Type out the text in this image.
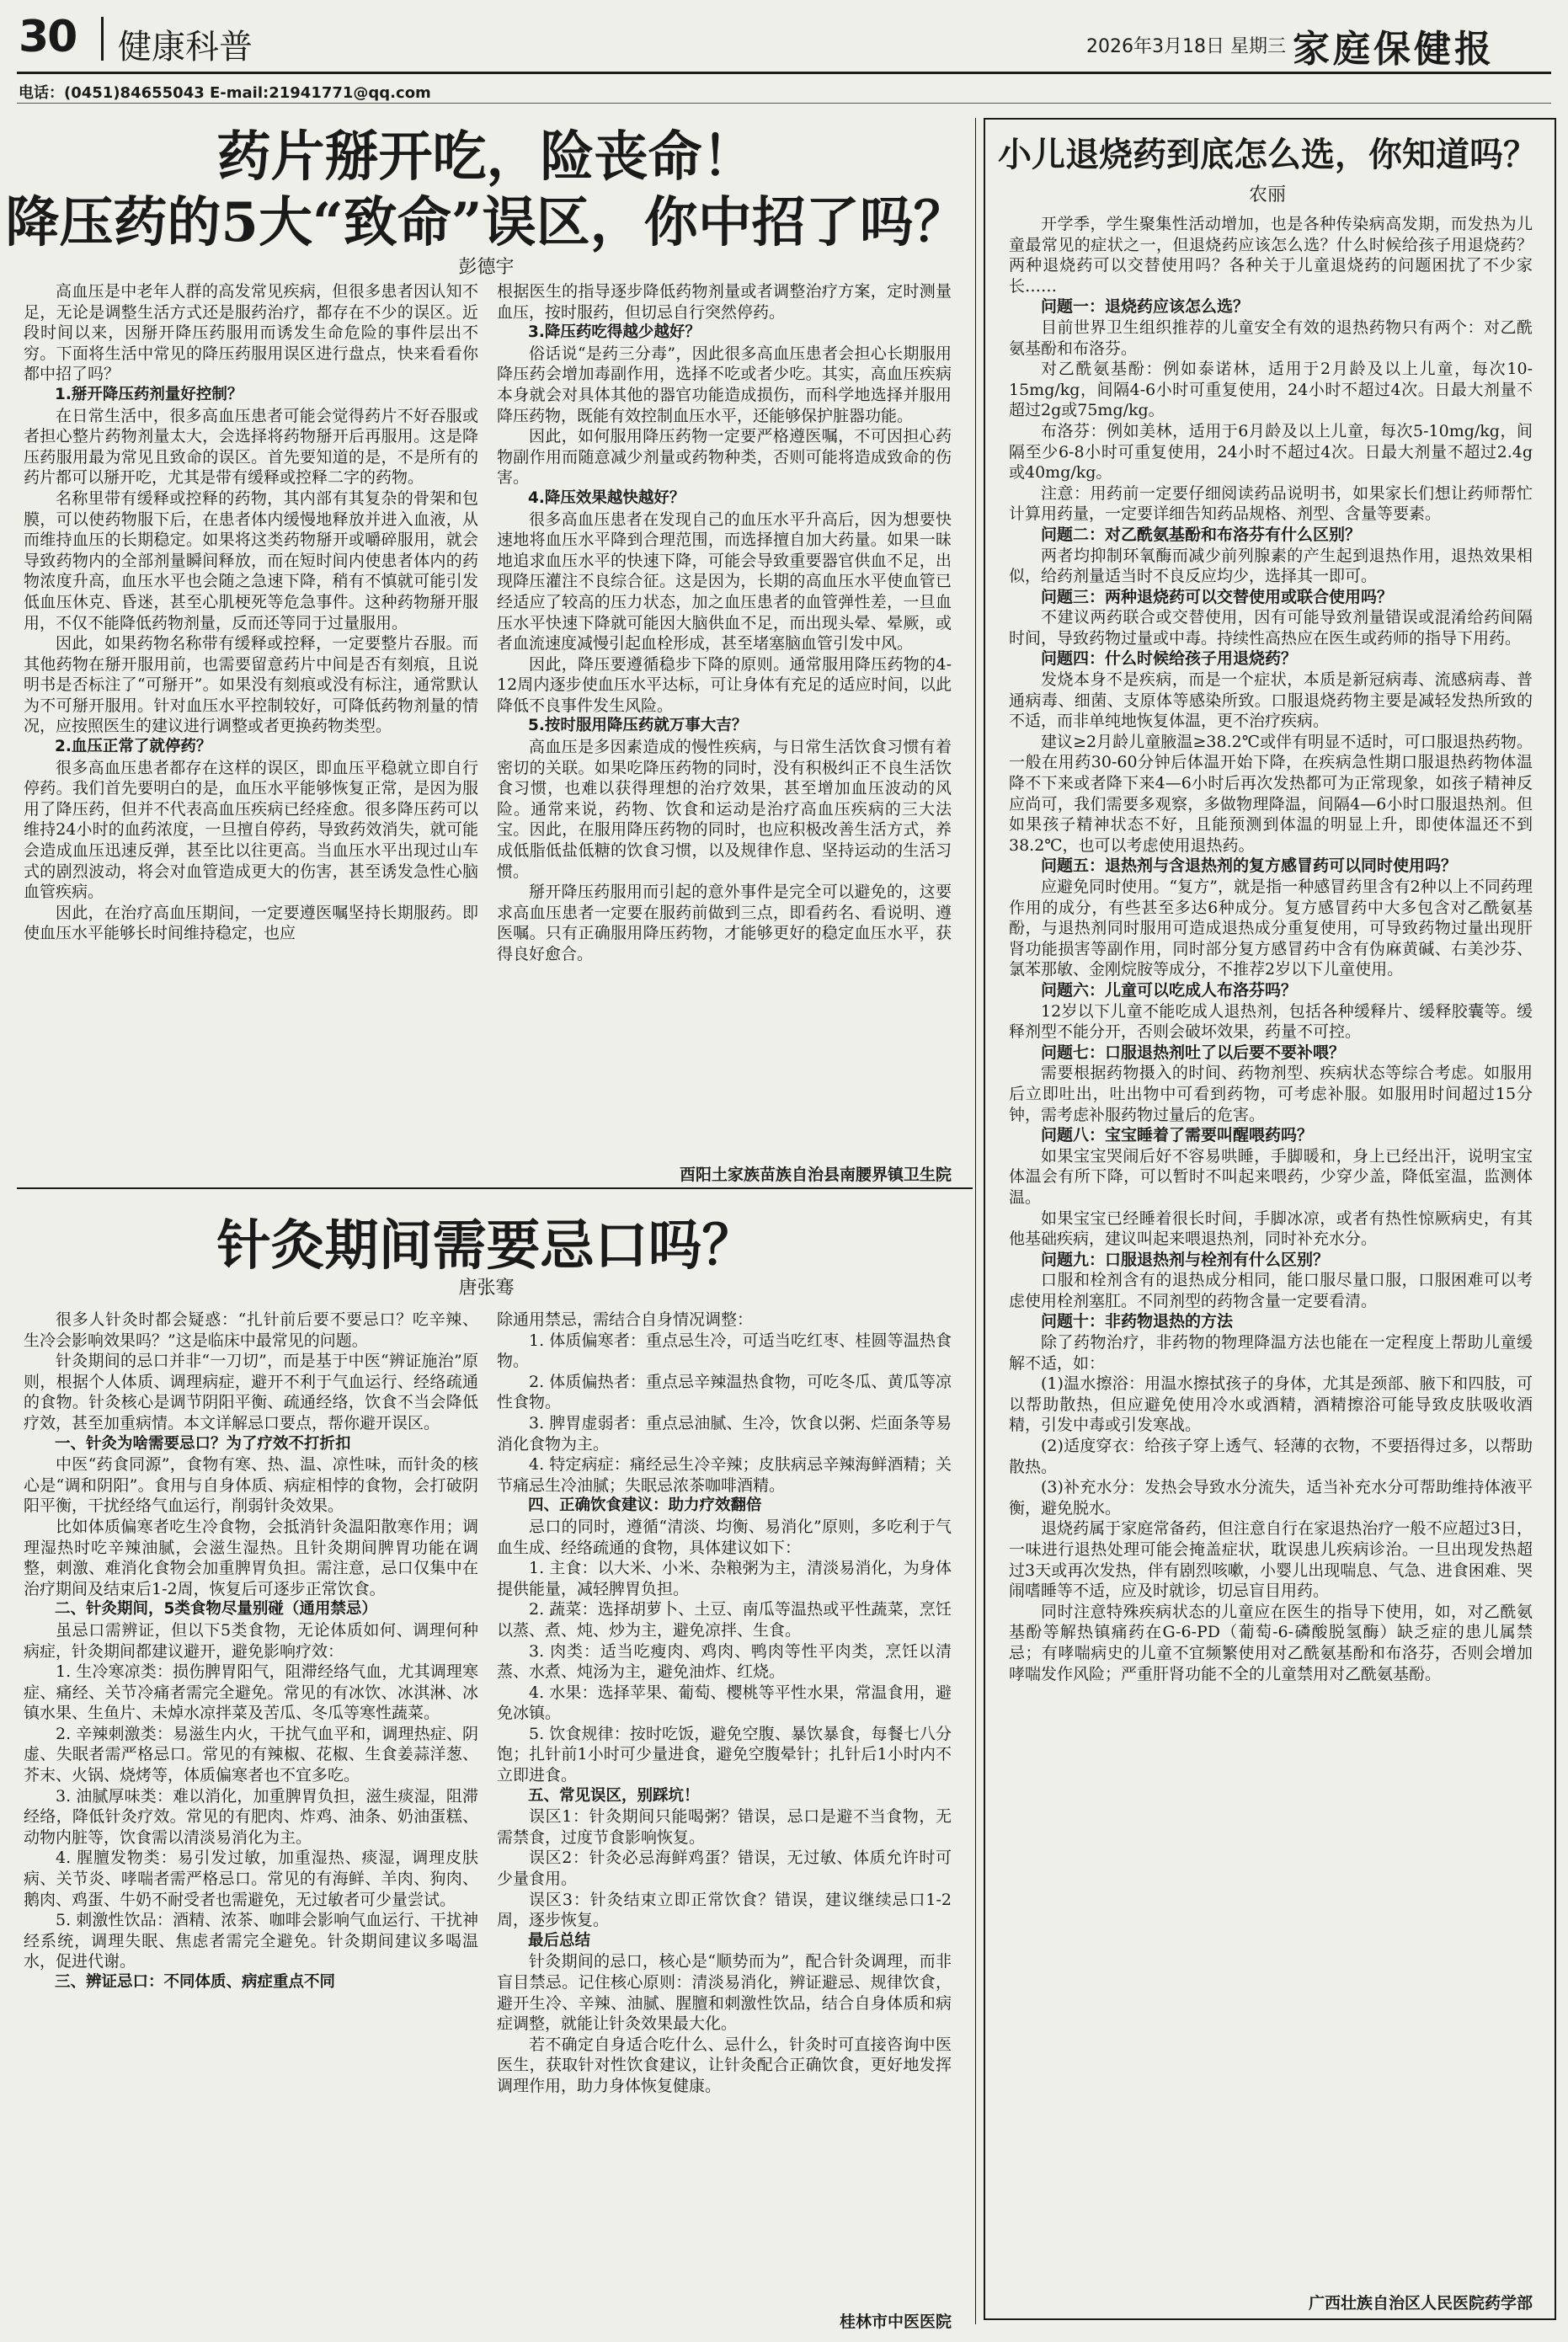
30 健康科普	2026年3月18日 星期三 家庭保健报
电话：(0451)84655043 E-mail:21941771@qq.com
药片掰开吃，险丧命！
降压药的5大“致命”误区，你中招了吗？
彭德宇

高血压是中老年人群的高发常见疾病，但很多患者因认知不足，无论是调整生活方式还是服药治疗，都存在不少的误区。近段时间以来，因掰开降压药服用而诱发生命危险的事件层出不穷。下面将生活中常见的降压药服用误区进行盘点，快来看看你都中招了吗？

1.掰开降压药剂量好控制？

在日常生活中，很多高血压患者可能会觉得药片不好吞服或者担心整片药物剂量太大，会选择将药物掰开后再服用。这是降压药服用最为常见且致命的误区。首先要知道的是，不是所有的药片都可以掰开吃，尤其是带有缓释或控释二字的药物。

名称里带有缓释或控释的药物，其内部有其复杂的骨架和包膜，可以使药物服下后，在患者体内缓慢地释放并进入血液，从而维持血压的长期稳定。如果将这类药物掰开或嚼碎服用，就会导致药物内的全部剂量瞬间释放，而在短时间内使患者体内的药物浓度升高，血压水平也会随之急速下降，稍有不慎就可能引发低血压休克、昏迷，甚至心肌梗死等危急事件。这种药物掰开服用，不仅不能降低药物剂量，反而还等同于过量服用。

因此，如果药物名称带有缓释或控释，一定要整片吞服。而其他药物在掰开服用前，也需要留意药片中间是否有刻痕，且说明书是否标注了“可掰开”。如果没有刻痕或没有标注，通常默认为不可掰开服用。针对血压水平控制较好，可降低药物剂量的情况，应按照医生的建议进行调整或者更换药物类型。

2.血压正常了就停药？

很多高血压患者都存在这样的误区，即血压平稳就立即自行停药。我们首先要明白的是，血压水平能够恢复正常，是因为服用了降压药，但并不代表高血压疾病已经痊愈。很多降压药可以维持24小时的血药浓度，一旦擅自停药，导致药效消失，就可能会造成血压迅速反弹，甚至比以往更高。当血压水平出现过山车式的剧烈波动，将会对血管造成更大的伤害，甚至诱发急性心脑血管疾病。

因此，在治疗高血压期间，一定要遵医嘱坚持长期服药。即使血压水平能够长时间维持稳定，也应

根据医生的指导逐步降低药物剂量或者调整治疗方案，定时测量血压，按时服药，但切忌自行突然停药。

3.降压药吃得越少越好？

俗话说“是药三分毒”，因此很多高血压患者会担心长期服用降压药会增加毒副作用，选择不吃或者少吃。其实，高血压疾病本身就会对具体其他的器官功能造成损伤，而科学地选择并服用降压药物，既能有效控制血压水平，还能够保护脏器功能。

因此，如何服用降压药物一定要严格遵医嘱，不可因担心药物副作用而随意减少剂量或药物种类，否则可能将造成致命的伤害。

4.降压效果越快越好？

很多高血压患者在发现自己的血压水平升高后，因为想要快速地将血压水平降到合理范围，而选择擅自加大药量。如果一昧地追求血压水平的快速下降，可能会导致重要器官供血不足，出现降压灌注不良综合征。这是因为，长期的高血压水平使血管已经适应了较高的压力状态，加之血压患者的血管弹性差，一旦血压水平快速下降就可能因大脑供血不足，而出现头晕、晕厥，或者血流速度减慢引起血栓形成，甚至堵塞脑血管引发中风。

因此，降压要遵循稳步下降的原则。通常服用降压药物的4-12周内逐步使血压水平达标，可让身体有充足的适应时间，以此降低不良事件发生风险。

5.按时服用降压药就万事大吉？

高血压是多因素造成的慢性疾病，与日常生活饮食习惯有着密切的关联。如果吃降压药物的同时，没有积极纠正不良生活饮食习惯，也难以获得理想的治疗效果，甚至增加血压波动的风险。通常来说，药物、饮食和运动是治疗高血压疾病的三大法宝。因此，在服用降压药物的同时，也应积极改善生活方式，养成低脂低盐低糖的饮食习惯，以及规律作息、坚持运动的生活习惯。

掰开降压药服用而引起的意外事件是完全可以避免的，这要求高血压患者一定要在服药前做到三点，即看药名、看说明、遵医嘱。只有正确服用降压药物，才能够更好的稳定血压水平，获得良好愈合。

酉阳土家族苗族自治县南腰界镇卫生院
针灸期间需要忌口吗？
唐张骞

很多人针灸时都会疑惑：“扎针前后要不要忌口？吃辛辣、生冷会影响效果吗？”这是临床中最常见的问题。

针灸期间的忌口并非“一刀切”，而是基于中医“辨证施治”原则，根据个人体质、调理病症，避开不利于气血运行、经络疏通的食物。针灸核心是调节阴阳平衡、疏通经络，饮食不当会降低疗效，甚至加重病情。本文详解忌口要点，帮你避开误区。

一、针灸为啥需要忌口？为了疗效不打折扣

中医“药食同源”，食物有寒、热、温、凉性味，而针灸的核心是“调和阴阳”。食用与自身体质、病症相悖的食物，会打破阴阳平衡，干扰经络气血运行，削弱针灸效果。

比如体质偏寒者吃生冷食物，会抵消针灸温阳散寒作用；调理湿热时吃辛辣油腻，会滋生湿热。且针灸期间脾胃功能在调整，刺激、难消化食物会加重脾胃负担。需注意，忌口仅集中在治疗期间及结束后1-2周，恢复后可逐步正常饮食。

二、针灸期间，5类食物尽量别碰（通用禁忌）

虽忌口需辨证，但以下5类食物，无论体质如何、调理何种病症，针灸期间都建议避开，避免影响疗效：

1. 生冷寒凉类：损伤脾胃阳气，阻滞经络气血，尤其调理寒症、痛经、关节冷痛者需完全避免。常见的有冰饮、冰淇淋、冰镇水果、生鱼片、未焯水凉拌菜及苦瓜、冬瓜等寒性蔬菜。

2. 辛辣刺激类：易滋生内火，干扰气血平和，调理热症、阴虚、失眠者需严格忌口。常见的有辣椒、花椒、生食姜蒜洋葱、芥末、火锅、烧烤等，体质偏寒者也不宜多吃。

3. 油腻厚味类：难以消化，加重脾胃负担，滋生痰湿，阻滞经络，降低针灸疗效。常见的有肥肉、炸鸡、油条、奶油蛋糕、动物内脏等，饮食需以清淡易消化为主。

4. 腥膻发物类：易引发过敏，加重湿热、痰湿，调理皮肤病、关节炎、哮喘者需严格忌口。常见的有海鲜、羊肉、狗肉、鹅肉、鸡蛋、牛奶不耐受者也需避免，无过敏者可少量尝试。

5. 刺激性饮品：酒精、浓茶、咖啡会影响气血运行、干扰神经系统，调理失眠、焦虑者需完全避免。针灸期间建议多喝温水，促进代谢。

三、辨证忌口：不同体质、病症重点不同

除通用禁忌，需结合自身情况调整：

1. 体质偏寒者：重点忌生冷，可适当吃红枣、桂圆等温热食物。

2. 体质偏热者：重点忌辛辣温热食物，可吃冬瓜、黄瓜等凉性食物。

3. 脾胃虚弱者：重点忌油腻、生冷，饮食以粥、烂面条等易消化食物为主。

4. 特定病症：痛经忌生冷辛辣；皮肤病忌辛辣海鲜酒精；关节痛忌生冷油腻；失眠忌浓茶咖啡酒精。

四、正确饮食建议：助力疗效翻倍

忌口的同时，遵循“清淡、均衡、易消化”原则，多吃利于气血生成、经络疏通的食物，具体建议如下：

1. 主食：以大米、小米、杂粮粥为主，清淡易消化，为身体提供能量，减轻脾胃负担。

2. 蔬菜：选择胡萝卜、土豆、南瓜等温热或平性蔬菜，烹饪以蒸、煮、炖、炒为主，避免凉拌、生食。

3. 肉类：适当吃瘦肉、鸡肉、鸭肉等性平肉类，烹饪以清蒸、水煮、炖汤为主，避免油炸、红烧。

4. 水果：选择苹果、葡萄、樱桃等平性水果，常温食用，避免冰镇。

5. 饮食规律：按时吃饭，避免空腹、暴饮暴食，每餐七八分饱；扎针前1小时可少量进食，避免空腹晕针；扎针后1小时内不立即进食。

五、常见误区，别踩坑！

误区1：针灸期间只能喝粥？错误，忌口是避不当食物，无需禁食，过度节食影响恢复。

误区2：针灸必忌海鲜鸡蛋？错误，无过敏、体质允许时可少量食用。

误区3：针灸结束立即正常饮食？错误，建议继续忌口1-2周，逐步恢复。

最后总结

针灸期间的忌口，核心是“顺势而为”，配合针灸调理，而非盲目禁忌。记住核心原则：清淡易消化，辨证避忌、规律饮食，避开生冷、辛辣、油腻、腥膻和刺激性饮品，结合自身体质和病症调整，就能让针灸效果最大化。

若不确定自身适合吃什么、忌什么，针灸时可直接咨询中医医生，获取针对性饮食建议，让针灸配合正确饮食，更好地发挥调理作用，助力身体恢复健康。

桂林市中医医院
小儿退烧药到底怎么选，你知道吗？
农丽

开学季，学生聚集性活动增加，也是各种传染病高发期，而发热为儿童最常见的症状之一，但退烧药应该怎么选？什么时候给孩子用退烧药？两种退烧药可以交替使用吗？各种关于儿童退烧药的问题困扰了不少家长……

问题一：退烧药应该怎么选？

目前世界卫生组织推荐的儿童安全有效的退热药物只有两个：对乙酰氨基酚和布洛芬。

对乙酰氨基酚：例如泰诺林，适用于2月龄及以上儿童，每次10-15mg/kg，间隔4-6小时可重复使用，24小时不超过4次。日最大剂量不超过2g或75mg/kg。

布洛芬：例如美林，适用于6月龄及以上儿童，每次5-10mg/kg，间隔至少6-8小时可重复使用，24小时不超过4次。日最大剂量不超过2.4g或40mg/kg。

注意：用药前一定要仔细阅读药品说明书，如果家长们想让药师帮忙计算用药量，一定要详细告知药品规格、剂型、含量等要素。

问题二：对乙酰氨基酚和布洛芬有什么区别？

两者均抑制环氧酶而减少前列腺素的产生起到退热作用，退热效果相似，给药剂量适当时不良反应均少，选择其一即可。

问题三：两种退烧药可以交替使用或联合使用吗？

不建议两药联合或交替使用，因有可能导致剂量错误或混淆给药间隔时间，导致药物过量或中毒。持续性高热应在医生或药师的指导下用药。

问题四：什么时候给孩子用退烧药？

发烧本身不是疾病，而是一个症状，本质是新冠病毒、流感病毒、普通病毒、细菌、支原体等感染所致。口服退烧药物主要是减轻发热所致的不适，而非单纯地恢复体温，更不治疗疾病。

建议≥2月龄儿童腋温≥38.2℃或伴有明显不适时，可口服退热药物。一般在用药30-60分钟后体温开始下降，在疾病急性期口服退热药物体温降不下来或者降下来4—6小时后再次发热都可为正常现象，如孩子精神反应尚可，我们需要多观察，多做物理降温，间隔4—6小时口服退热剂。但如果孩子精神状态不好，且能预测到体温的明显上升，即使体温还不到38.2℃，也可以考虑使用退热药。

问题五：退热剂与含退热剂的复方感冒药可以同时使用吗？

应避免同时使用。“复方”，就是指一种感冒药里含有2种以上不同药理作用的成分，有些甚至多达6种成分。复方感冒药中大多包含对乙酰氨基酚，与退热剂同时服用可造成退热成分重复使用，可导致药物过量出现肝肾功能损害等副作用，同时部分复方感冒药中含有伪麻黄碱、右美沙芬、氯苯那敏、金刚烷胺等成分，不推荐2岁以下儿童使用。

问题六：儿童可以吃成人布洛芬吗？

12岁以下儿童不能吃成人退热剂，包括各种缓释片、缓释胶囊等。缓释剂型不能分开，否则会破坏效果，药量不可控。

问题七：口服退热剂吐了以后要不要补喂？

需要根据药物摄入的时间、药物剂型、疾病状态等综合考虑。如服用后立即吐出，吐出物中可看到药物，可考虑补服。如服用时间超过15分钟，需考虑补服药物过量后的危害。

问题八：宝宝睡着了需要叫醒喂药吗？

如果宝宝哭闹后好不容易哄睡，手脚暖和，身上已经出汗，说明宝宝体温会有所下降，可以暂时不叫起来喂药，少穿少盖，降低室温，监测体温。

如果宝宝已经睡着很长时间，手脚冰凉，或者有热性惊厥病史，有其他基础疾病，建议叫起来喂退热剂，同时补充水分。

问题九：口服退热剂与栓剂有什么区别？

口服和栓剂含有的退热成分相同，能口服尽量口服，口服困难可以考虑使用栓剂塞肛。不同剂型的药物含量一定要看清。

问题十：非药物退热的方法

除了药物治疗，非药物的物理降温方法也能在一定程度上帮助儿童缓解不适，如：

(1)温水擦浴：用温水擦拭孩子的身体，尤其是颈部、腋下和四肢，可以帮助散热，但应避免使用冷水或酒精，酒精擦浴可能导致皮肤吸收酒精，引发中毒或引发寒战。

(2)适度穿衣：给孩子穿上透气、轻薄的衣物，不要捂得过多，以帮助散热。

(3)补充水分：发热会导致水分流失，适当补充水分可帮助维持体液平衡，避免脱水。

退烧药属于家庭常备药，但注意自行在家退热治疗一般不应超过3日，一味进行退热处理可能会掩盖症状，耽误患儿疾病诊治。一旦出现发热超过3天或再次发热，伴有剧烈咳嗽，小婴儿出现喘息、气急、进食困难、哭闹嗜睡等不适，应及时就诊，切忌盲目用药。

同时注意特殊疾病状态的儿童应在医生的指导下使用，如，对乙酰氨基酚等解热镇痛药在G-6-PD（葡萄-6-磷酸脱氢酶）缺乏症的患儿属禁忌；有哮喘病史的儿童不宜频繁使用对乙酰氨基酚和布洛芬，否则会增加哮喘发作风险；严重肝肾功能不全的儿童禁用对乙酰氨基酚。

广西壮族自治区人民医院药学部
